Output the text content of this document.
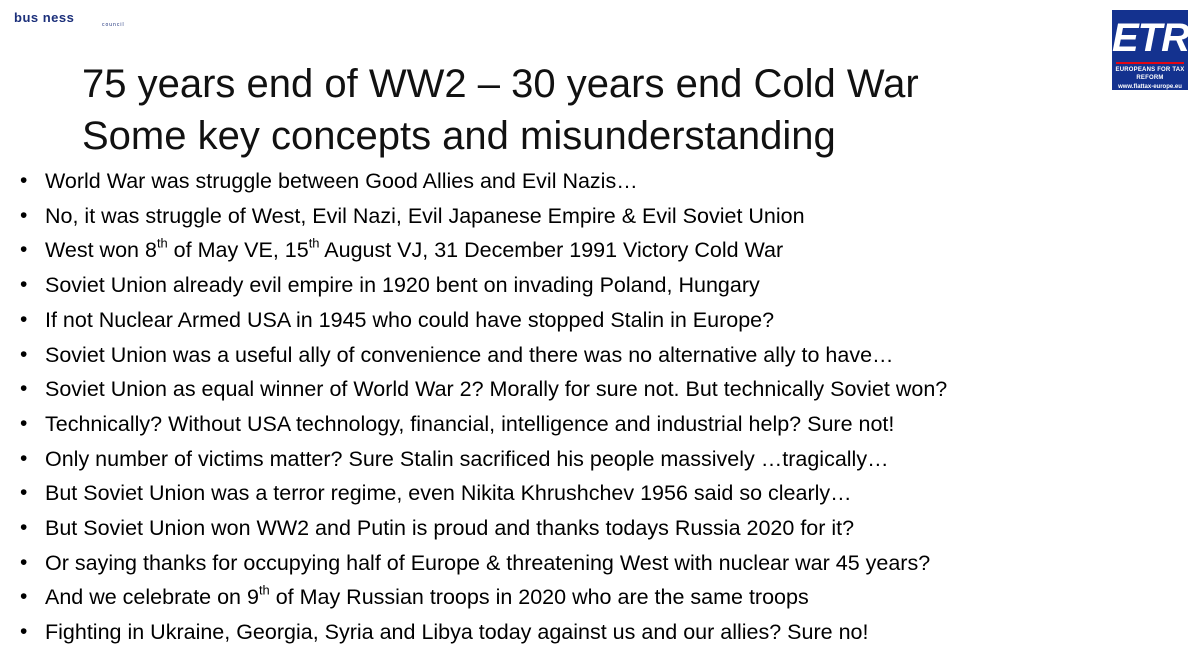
bus ness	council	ETR
EUROPEANS FOR TAX REFORM
www.flattax-europe.eu
75 years end of WW2 – 30 years end Cold War
Some key concepts and misunderstanding
• World War was struggle between Good Allies and Evil Nazis…
• No, it was struggle of West, Evil Nazi, Evil Japanese Empire & Evil Soviet Union
• West won 8th of May VE, 15th August VJ, 31 December 1991 Victory Cold War
• Soviet Union already evil empire in 1920 bent on invading Poland, Hungary
• If not Nuclear Armed USA in 1945 who could have stopped Stalin in Europe?
• Soviet Union was a useful ally of convenience and there was no alternative ally to have…
• Soviet Union as equal winner of World War 2? Morally for sure not. But technically Soviet won?
• Technically? Without USA technology, financial, intelligence and industrial help? Sure not!
• Only number of victims matter? Sure Stalin sacrificed his people massively …tragically…
• But Soviet Union was a terror regime, even Nikita Khrushchev 1956 said so clearly…
• But Soviet Union won WW2 and Putin is proud and thanks todays Russia 2020 for it?
• Or saying thanks for occupying half of Europe & threatening West with nuclear war 45 years?
• And we celebrate on 9th of May Russian troops in 2020 who are the same troops
• Fighting in Ukraine, Georgia, Syria and Libya today against us and our allies? Sure no!
